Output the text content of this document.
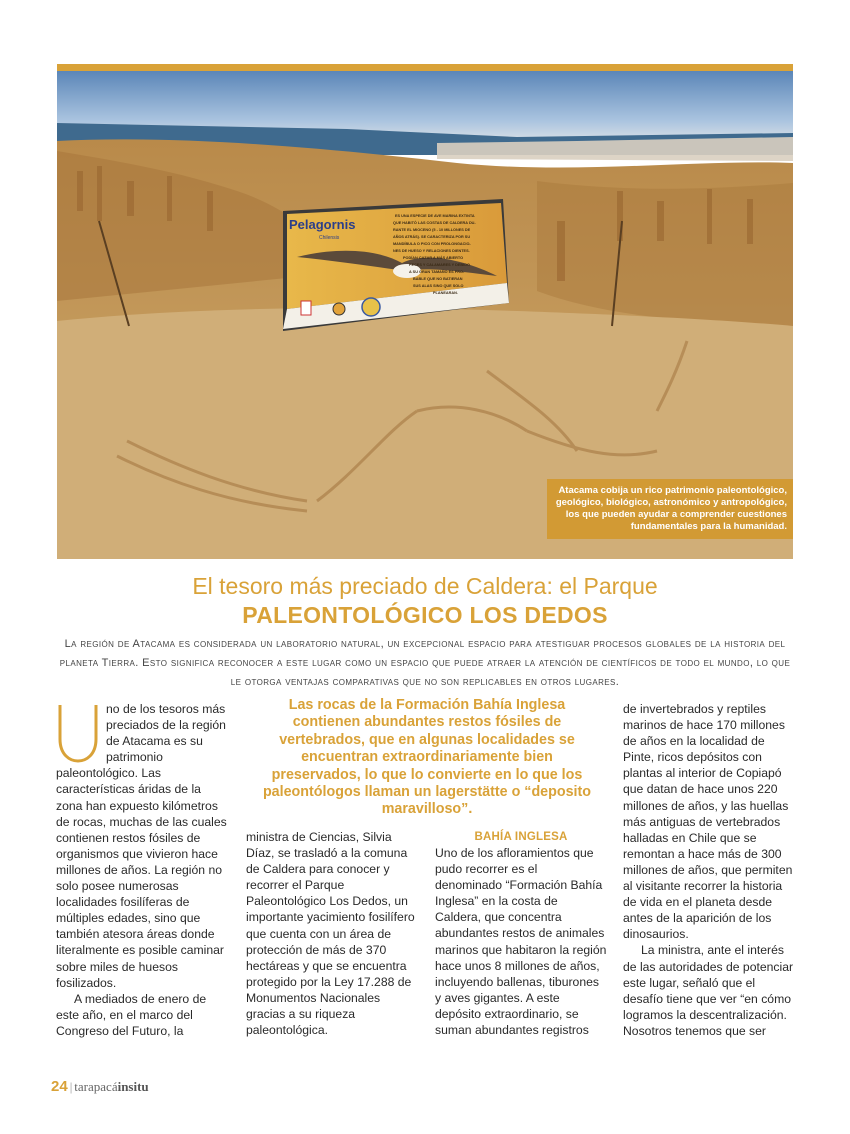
Pelagornis
Chilensis
ES UNA ESPECIE DE AVE MARINA EXTINTA
QUE HABITÓ LAS COSTAS DE CALDERA DU-
RANTE EL MIOCENO (5 - 10 MILLONES DE
AÑOS ATRÁS). SE CARACTERIZA POR SU
MANDÍBULA O PICO CON PROLONGACIO-
NES DE HUESO Y RELACIONES DIENTES.
PODÍAN CAZAR A MÁS ABIERTO
PECES Y CALAMARES Y DEBIDO
A SU GRAN TAMAÑO ES PRO-
BABLE QUE NO BATIERAN
SUS ALAS SINO QUE SOLO
PLANEARAN.
Atacama cobija un rico patrimonio paleontológico, geológico, biológico, astronómico y antropológico, los que pueden ayudar a comprender cuestiones fundamentales para la humanidad.
El tesoro más preciado de Caldera: el Parque
PALEONTOLÓGICO LOS DEDOS

La región de Atacama es considerada un laboratorio natural, un excepcional espacio para atestiguar procesos globales de la historia del planeta Tierra. Esto significa reconocer a este lugar como un espacio que puede atraer la atención de científicos de todo el mundo, lo que le otorga ventajas comparativas que no son replicables en otros lugares.

U	no de los tesoros más preciados de la región de Atacama es su patrimonio paleontológico. Las características áridas de la zona han expuesto kilómetros de rocas, muchas de las cuales contienen restos fósiles de organismos que vivieron hace millones de años. La región no solo posee numerosas localidades fosilíferas de múltiples edades, sino que también atesora áreas donde literalmente es posible caminar sobre miles de huesos fosilizados.

A mediados de enero de este año, en el marco del Congreso del Futuro, la

Las rocas de la Formación Bahía Inglesa contienen abundantes restos fósiles de vertebrados, que en algunas localidades se encuentran extraordinariamente bien preservados, lo que lo convierte en lo que los paleontólogos llaman un lagerstätte o “deposito maravilloso”.

ministra de Ciencias, Silvia Díaz, se trasladó a la comuna de Caldera para conocer y recorrer el Parque Paleontológico Los Dedos, un importante yacimiento fosilífero que cuenta con un área de protección de más de 370 hectáreas y que se encuentra protegido por la Ley 17.288 de Monumentos Nacionales gracias a su riqueza paleontológica.

BAHÍA INGLESA

Uno de los afloramientos que pudo recorrer es el denominado “Formación Bahía Inglesa” en la costa de Caldera, que concentra abundantes restos de animales marinos que habitaron la región hace unos 8 millones de años, incluyendo ballenas, tiburones y aves gigantes. A este depósito extraordinario, se suman abundantes registros

de invertebrados y reptiles marinos de hace 170 millones de años en la localidad de Pinte, ricos depósitos con plantas al interior de Copiapó que datan de hace unos 220 millones de años, y las huellas más antiguas de vertebrados halladas en Chile que se remontan a hace más de 300 millones de años, que permiten al visitante recorrer la historia de vida en el planeta desde antes de la aparición de los dinosaurios.

La ministra, ante el interés de las autoridades de potenciar este lugar, señaló que el desafío tiene que ver “en cómo logramos la descentralización. Nosotros tenemos que ser

24 | tarapacáinsitu
